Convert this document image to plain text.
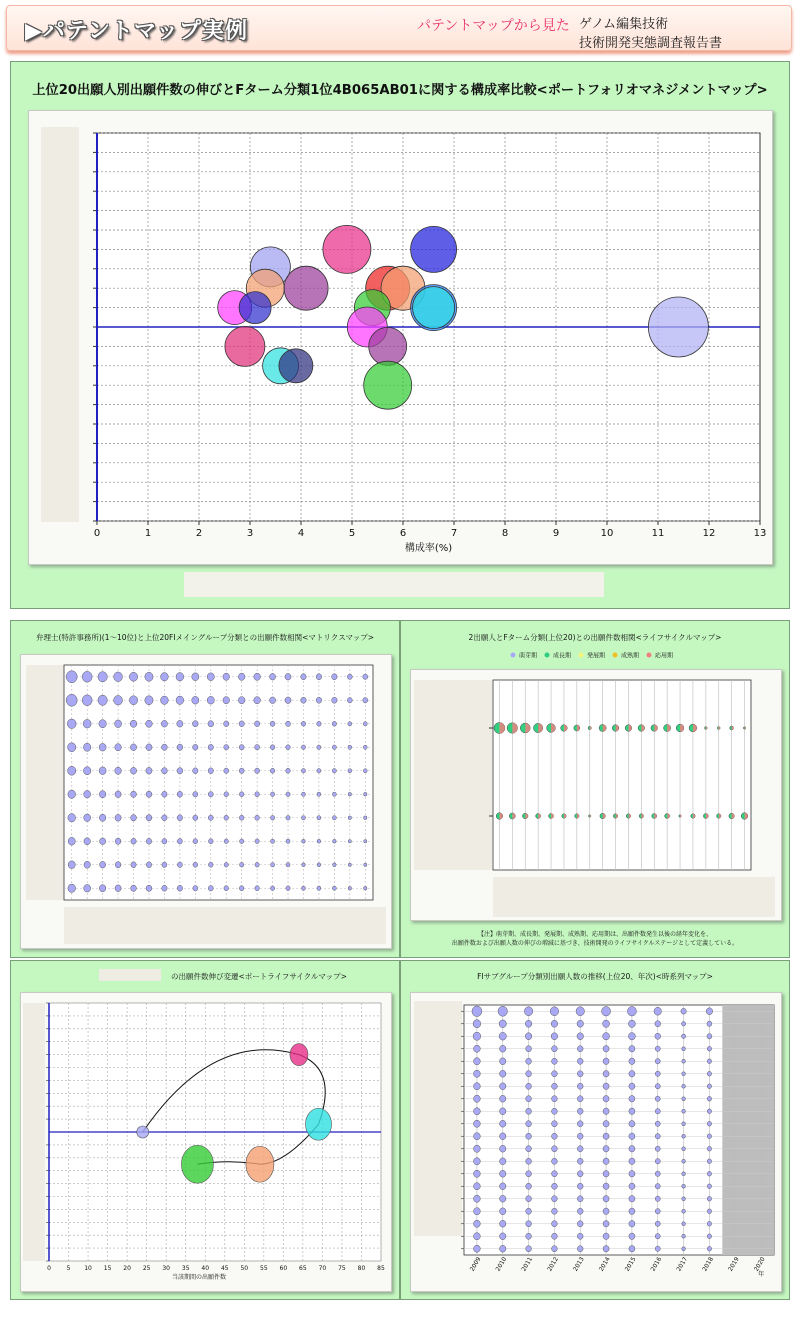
▶パテントマップ実例	パテントマップから見た ゲノム編集技術
技術開発実態調査報告書
上位20出願人別出願件数の伸びとFターム分類1位4B065AB01に関する構成率比較<ポートフォリオマネジメントマップ>
0	1	2	3	4	5	6	7	8	9	10	11	12	13
構成率(%)
弁理士(特許事務所)(1～10位)と上位20FIメイングループ分類との出願件数相関<マトリクスマップ>	2出願人とFターム分類(上位20)との出願件数相関<ライフサイクルマップ>
萌芽期	成長期	発展期	成熟期	応用期
【注】萌芽期、成長期、発展期、成熟期、応用期は、出願件数発生以後の経年変化を、
出願件数および出願人数の伸びの増減に基づき、技術開発のライフサイクルステージとして定義している。
の出願件数伸び変遷<ポートライフサイクルマップ>
0	5 10 15 20 25 30 35 40 45 50 55 60 65 70 75 80 85
当該期間の出願件数
FIサブグループ分類別出願人数の推移(上位20、年次)<時系列マップ>
2009 2010 2011 2012 2013 2014 2015 2016 2017 2018 2019 2020
年
